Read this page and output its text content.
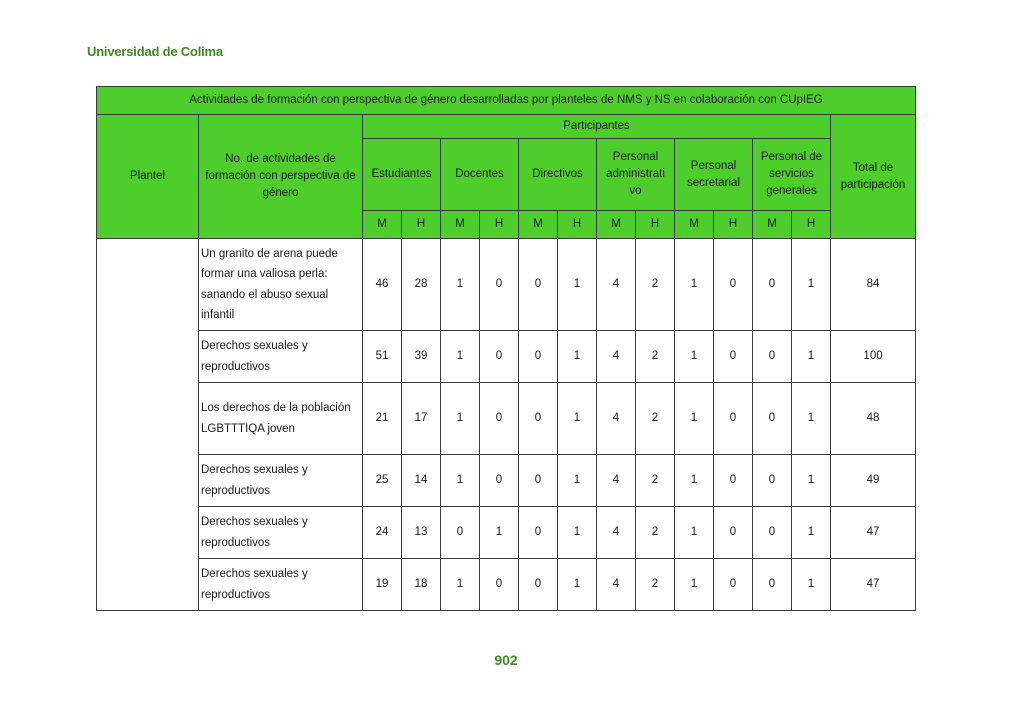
Universidad de Colima
Actividades de formación con perspectiva de género desarrolladas por planteles de NMS y NS en colaboración con CUpIEG														
Plantel	No. de actividades de formación con perspectiva de género	Participantes												Total de participación
		Estudiantes		Docentes		Directivos		Personal administrati vo		Personal secretarial		Personal de servicios generales		
		M	H	M	H	M	H	M	H	M	H	M	H	
	Un granito de arena puede formar una valiosa perla: sanando el abuso sexual infantil	46	28	1	0	0	1	4	2	1	0	0	1	84
	Derechos sexuales y reproductivos	51	39	1	0	0	1	4	2	1	0	0	1	100
	Los derechos de la población LGBTTTIQA joven	21	17	1	0	0	1	4	2	1	0	0	1	48
	Derechos sexuales y reproductivos	25	14	1	0	0	1	4	2	1	0	0	1	49
	Derechos sexuales y reproductivos	24	13	0	1	0	1	4	2	1	0	0	1	47
	Derechos sexuales y reproductivos	19	18	1	0	0	1	4	2	1	0	0	1	47
902
